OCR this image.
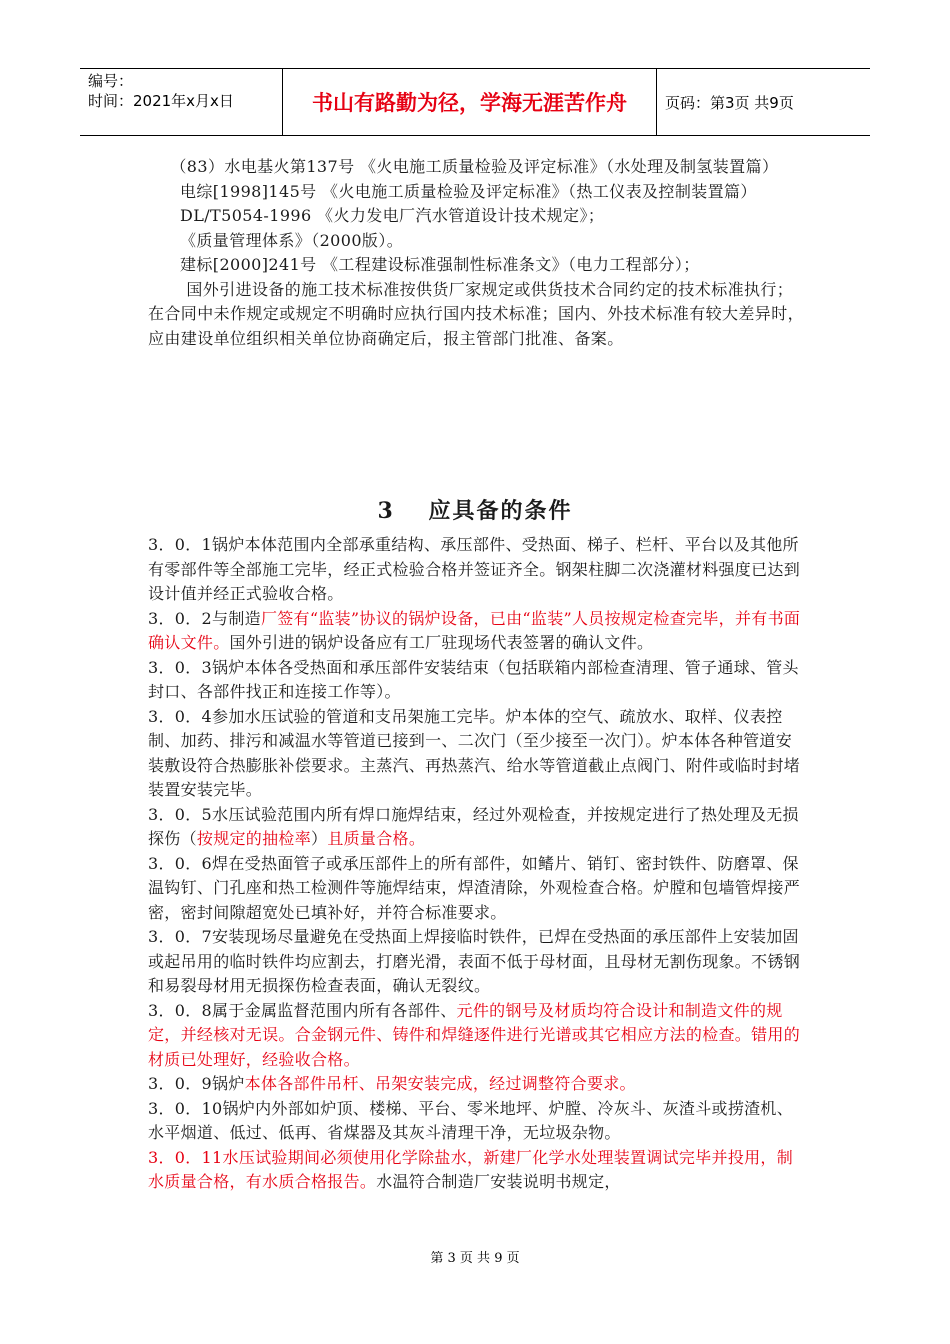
编号：
时间：2021年x月x日	书山有路勤为径，学海无涯苦作舟	页码：第3页 共9页

（83）水电基火第137号 《火电施工质量检验及评定标准》（水处理及制氢装置篇）

电综[1998]145号 《火电施工质量检验及评定标准》（热工仪表及控制装置篇）

DL/T5054-1996 《火力发电厂汽水管道设计技术规定》；

《质量管理体系》（2000版）。

建标[2000]241号 《工程建设标准强制性标准条文》（电力工程部分）；

国外引进设备的施工技术标准按供货厂家规定或供货技术合同约定的技术标准执行；在合同中未作规定或规定不明确时应执行国内技术标准；国内、外技术标准有较大差异时，应由建设单位组织相关单位协商确定后，报主管部门批准、备案。

3　 应具备的条件

3．0．1锅炉本体范围内全部承重结构、承压部件、受热面、梯子、栏杆、平台以及其他所有零部件等全部施工完毕，经正式检验合格并签证齐全。钢架柱脚二次浇灌材料强度已达到设计值并经正式验收合格。

3．0．2与制造厂签有“监装”协议的锅炉设备，已由“监装”人员按规定检查完毕，并有书面确认文件。国外引进的锅炉设备应有工厂驻现场代表签署的确认文件。

3．0．3锅炉本体各受热面和承压部件安装结束（包括联箱内部检查清理、管子通球、管头封口、各部件找正和连接工作等）。

3．0．4参加水压试验的管道和支吊架施工完毕。炉本体的空气、疏放水、取样、仪表控制、加药、排污和减温水等管道已接到一、二次门（至少接至一次门）。炉本体各种管道安装敷设符合热膨胀补偿要求。主蒸汽、再热蒸汽、给水等管道截止点阀门、附件或临时封堵装置安装完毕。

3．0．5水压试验范围内所有焊口施焊结束，经过外观检查，并按规定进行了热处理及无损探伤（按规定的抽检率）且质量合格。

3．0．6焊在受热面管子或承压部件上的所有部件，如鳍片、销钉、密封铁件、防磨罩、保温钩钉、门孔座和热工检测件等施焊结束，焊渣清除，外观检查合格。炉膛和包墙管焊接严密，密封间隙超宽处已填补好，并符合标准要求。

3．0．7安装现场尽量避免在受热面上焊接临时铁件，已焊在受热面的承压部件上安装加固或起吊用的临时铁件均应割去，打磨光滑，表面不低于母材面，且母材无割伤现象。不锈钢和易裂母材用无损探伤检查表面，确认无裂纹。

3．0．8属于金属监督范围内所有各部件、元件的钢号及材质均符合设计和制造文件的规定，并经核对无误。合金钢元件、铸件和焊缝逐件进行光谱或其它相应方法的检查。错用的材质已处理好，经验收合格。

3．0．9锅炉本体各部件吊杆、吊架安装完成，经过调整符合要求。

3．0．10锅炉内外部如炉顶、楼梯、平台、零米地坪、炉膛、冷灰斗、灰渣斗或捞渣机、水平烟道、低过、低再、省煤器及其灰斗清理干净，无垃圾杂物。

3．0．11水压试验期间必须使用化学除盐水，新建厂化学水处理装置调试完毕并投用，制水质量合格，有水质合格报告。水温符合制造厂安装说明书规定，

第 3 页 共 9 页
